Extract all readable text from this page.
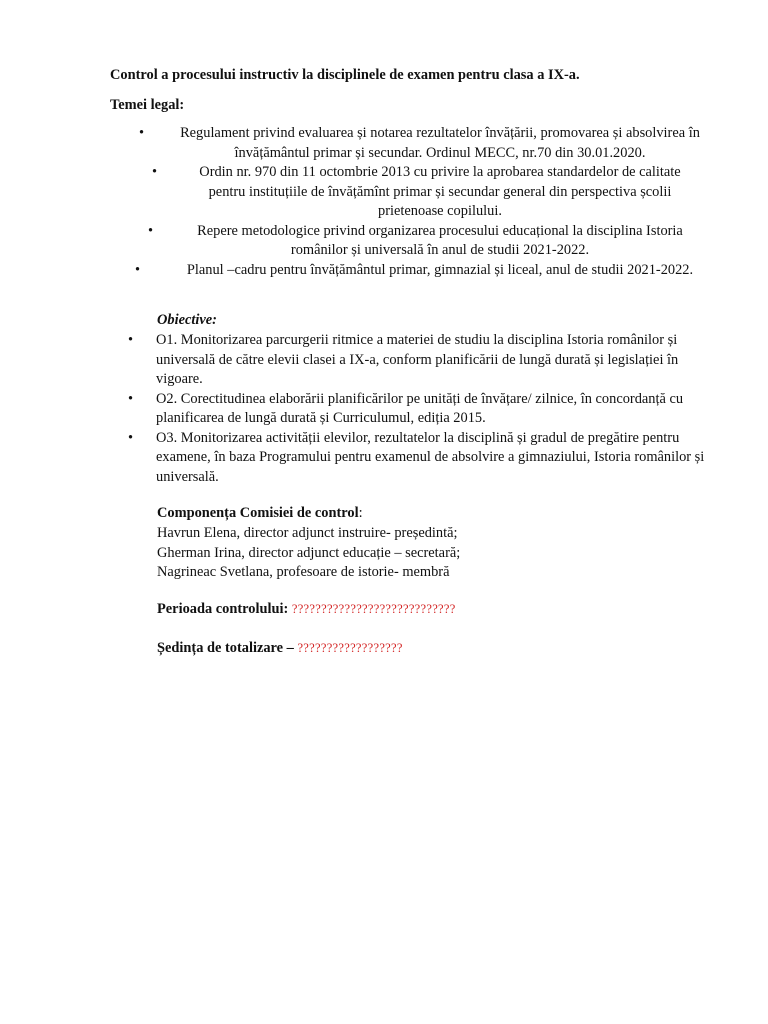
Control a procesului instructiv la disciplinele de examen pentru clasa a IX-a.
Temei legal:
•	Regulament privind evaluarea și notarea rezultatelor învățării, promovarea și absolvirea în învățământul primar și secundar. Ordinul MECC, nr.70 din 30.01.2020.
•	Ordin nr. 970 din 11 octombrie 2013 cu privire la aprobarea standardelor de calitate pentru instituțiile de învățămînt primar și secundar general din perspectiva școlii prietenoase copilului.
•	Repere metodologice privind organizarea procesului educațional la disciplina Istoria românilor și universală în anul de studii 2021-2022.
•	Planul –cadru pentru învățământul primar, gimnazial și liceal, anul de studii 2021-2022.
Obiective:
• O1. Monitorizarea parcurgerii ritmice a materiei de studiu la disciplina Istoria românilor și universală de către elevii clasei a IX-a, conform planificării de lungă durată și legislației în vigoare.
• O2. Corectitudinea elaborării planificărilor pe unități de învățare/ zilnice, în concordanță cu planificarea de lungă durată și Curriculumul, ediția 2015.
• O3. Monitorizarea activității elevilor, rezultatelor la disciplină și gradul de pregătire pentru examene, în baza Programului pentru examenul de absolvire a gimnaziului, Istoria românilor și universală.
Componența Comisiei de control:
Havrun Elena, director adjunct instruire- președintă;
Gherman Irina, director adjunct educație – secretară;
Nagrineac Svetlana, profesoare de istorie- membră
Perioada controlului: ????????????????????????????
Ședința de totalizare – ??????????????????
